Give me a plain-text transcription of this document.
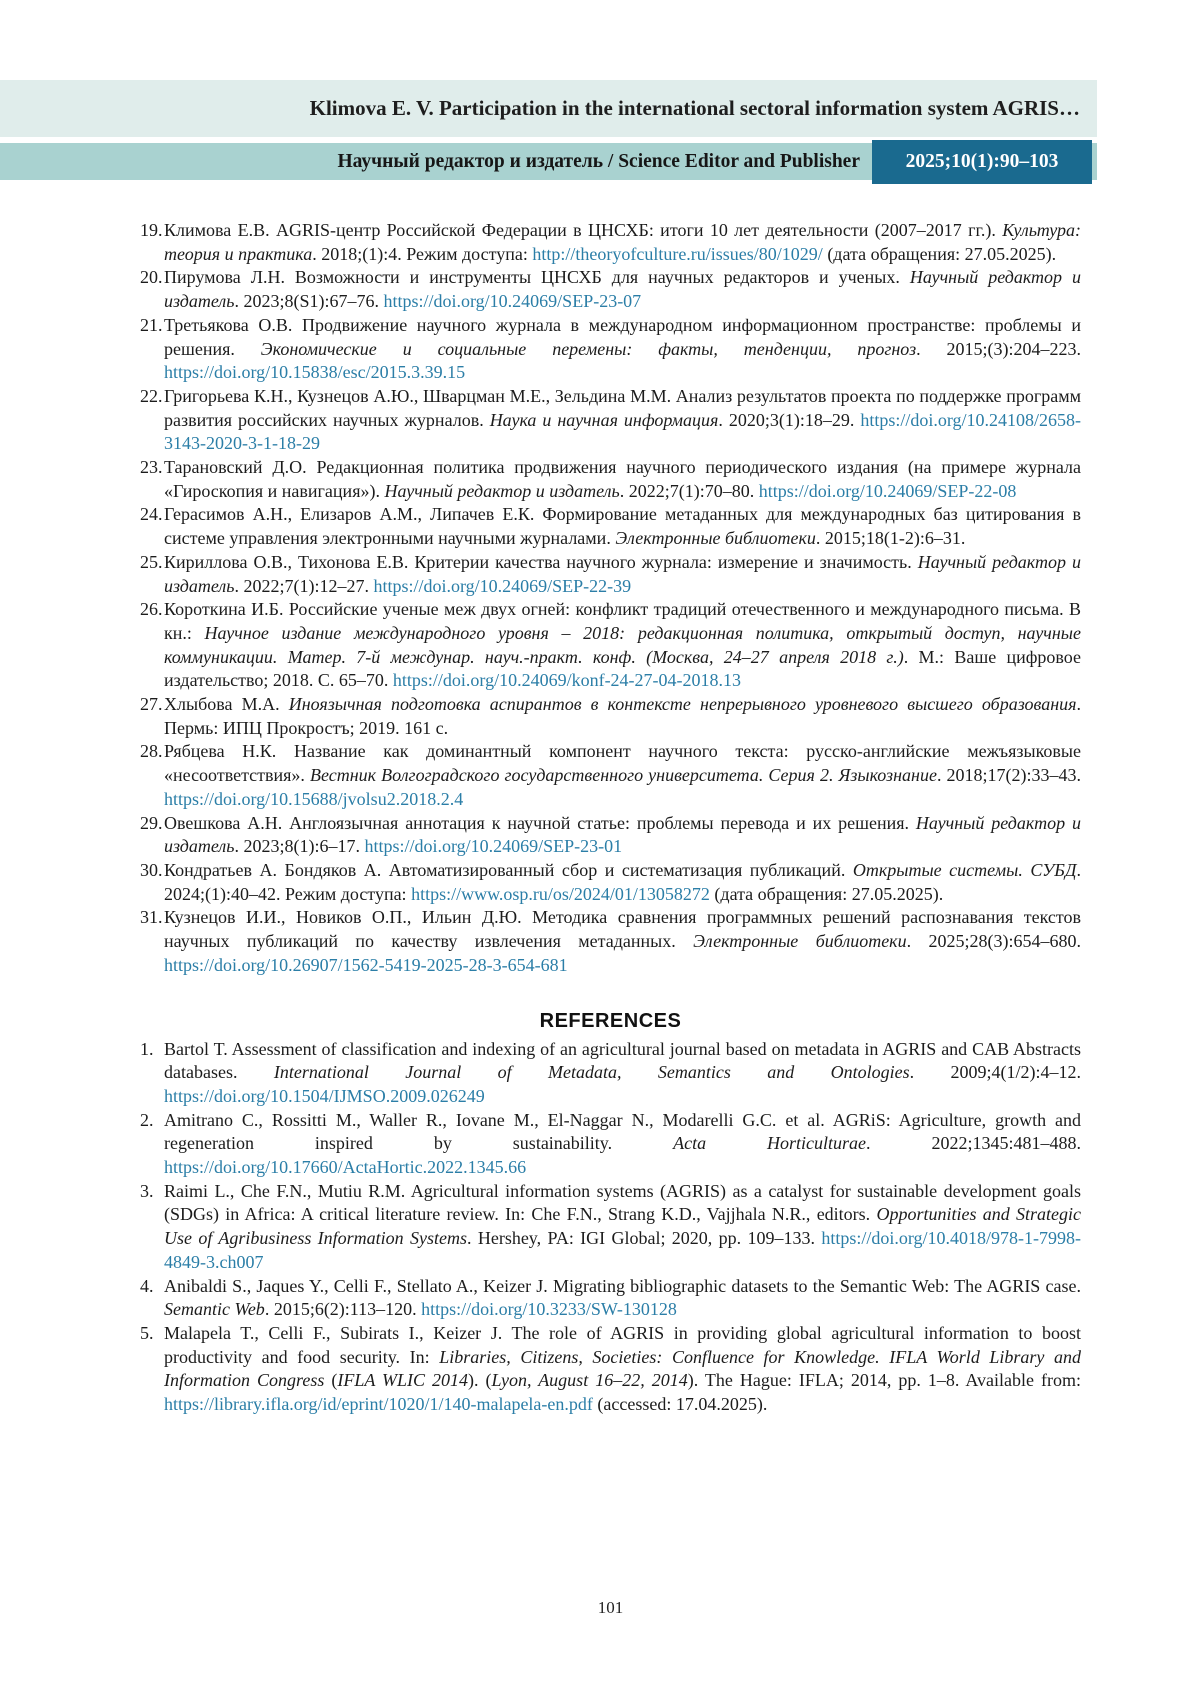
Klimova E. V. Participation in the international sectoral information system AGRIS…
Научный редактор и издатель / Science Editor and Publisher	2025;10(1):90–103
19.Климова Е.В. AGRIS-центр Российской Федерации в ЦНСХБ: итоги 10 лет деятельности (2007–2017 гг.). Культура: теория и практика. 2018;(1):4. Режим доступа: http://theoryofculture.ru/issues/80/1029/ (дата обращения: 27.05.2025).
20.Пирумова Л.Н. Возможности и инструменты ЦНСХБ для научных редакторов и ученых. Научный редактор и издатель. 2023;8(S1):67–76. https://doi.org/10.24069/SEP-23-07
21.Третьякова О.В. Продвижение научного журнала в международном информационном пространстве: проблемы и решения. Экономические и социальные перемены: факты, тенденции, прогноз. 2015;(3):204–223. https://doi.org/10.15838/esc/2015.3.39.15
22.Григорьева К.Н., Кузнецов А.Ю., Шварцман М.Е., Зельдина М.М. Анализ результатов проекта по поддержке программ развития российских научных журналов. Наука и научная информация. 2020;3(1):18–29. https://doi.org/10.24108/2658-3143-2020-3-1-18-29
23.Тарановский Д.О. Редакционная политика продвижения научного периодического издания (на примере журнала «Гироскопия и навигация»). Научный редактор и издатель. 2022;7(1):70–80. https://doi.org/10.24069/SEP-22-08
24.Герасимов А.Н., Елизаров А.М., Липачев Е.К. Формирование метаданных для международных баз цитирования в системе управления электронными научными журналами. Электронные библиотеки. 2015;18(1-2):6–31.
25.Кириллова О.В., Тихонова Е.В. Критерии качества научного журнала: измерение и значимость. Научный редактор и издатель. 2022;7(1):12–27. https://doi.org/10.24069/SEP-22-39
26.Короткина И.Б. Российские ученые меж двух огней: конфликт традиций отечественного и международного письма. В кн.: Научное издание международного уровня – 2018: редакционная политика, открытый доступ, научные коммуникации. Матер. 7-й междунар. науч.-практ. конф. (Москва, 24–27 апреля 2018 г.). М.: Ваше цифровое издательство; 2018. С. 65–70. https://doi.org/10.24069/konf-24-27-04-2018.13
27.Хлыбова М.А. Иноязычная подготовка аспирантов в контексте непрерывного уровневого высшего образования. Пермь: ИПЦ Прокростъ; 2019. 161 с.
28.Рябцева Н.К. Название как доминантный компонент научного текста: русско-английские межъязыковые «несоответствия». Вестник Волгоградского государственного университета. Серия 2. Языкознание. 2018;17(2):33–43. https://doi.org/10.15688/jvolsu2.2018.2.4
29.Овешкова А.Н. Англоязычная аннотация к научной статье: проблемы перевода и их решения. Научный редактор и издатель. 2023;8(1):6–17. https://doi.org/10.24069/SEP-23-01
30.Кондратьев А. Бондяков А. Автоматизированный сбор и систематизация публикаций. Открытые системы. СУБД. 2024;(1):40–42. Режим доступа: https://www.osp.ru/os/2024/01/13058272 (дата обращения: 27.05.2025).
31.Кузнецов И.И., Новиков О.П., Ильин Д.Ю. Методика сравнения программных решений распознавания текстов научных публикаций по качеству извлечения метаданных. Электронные библиотеки. 2025;28(3):654–680. https://doi.org/10.26907/1562-5419-2025-28-3-654-681
REFERENCES
1. Bartol T. Assessment of classification and indexing of an agricultural journal based on metadata in AGRIS and CAB Abstracts databases. International Journal of Metadata, Semantics and Ontologies. 2009;4(1/2):4–12. https://doi.org/10.1504/IJMSO.2009.026249
2. Amitrano C., Rossitti M., Waller R., Iovane M., El-Naggar N., Modarelli G.C. et al. AGRiS: Agriculture, growth and regeneration inspired by sustainability. Acta Horticulturae. 2022;1345:481–488. https://doi.org/10.17660/ActaHortic.2022.1345.66
3. Raimi L., Che F.N., Mutiu R.M. Agricultural information systems (AGRIS) as a catalyst for sustainable development goals (SDGs) in Africa: A critical literature review. In: Che F.N., Strang K.D., Vajjhala N.R., editors. Opportunities and Strategic Use of Agribusiness Information Systems. Hershey, PA: IGI Global; 2020, pp. 109–133. https://doi.org/10.4018/978-1-7998-4849-3.ch007
4. Anibaldi S., Jaques Y., Celli F., Stellato A., Keizer J. Migrating bibliographic datasets to the Semantic Web: The AGRIS case. Semantic Web. 2015;6(2):113–120. https://doi.org/10.3233/SW-130128
5. Malapela T., Celli F., Subirats I., Keizer J. The role of AGRIS in providing global agricultural information to boost productivity and food security. In: Libraries, Citizens, Societies: Confluence for Knowledge. IFLA World Library and Information Congress (IFLA WLIC 2014). (Lyon, August 16–22, 2014). The Hague: IFLA; 2014, pp. 1–8. Available from: https://library.ifla.org/id/eprint/1020/1/140-malapela-en.pdf (accessed: 17.04.2025).
101
